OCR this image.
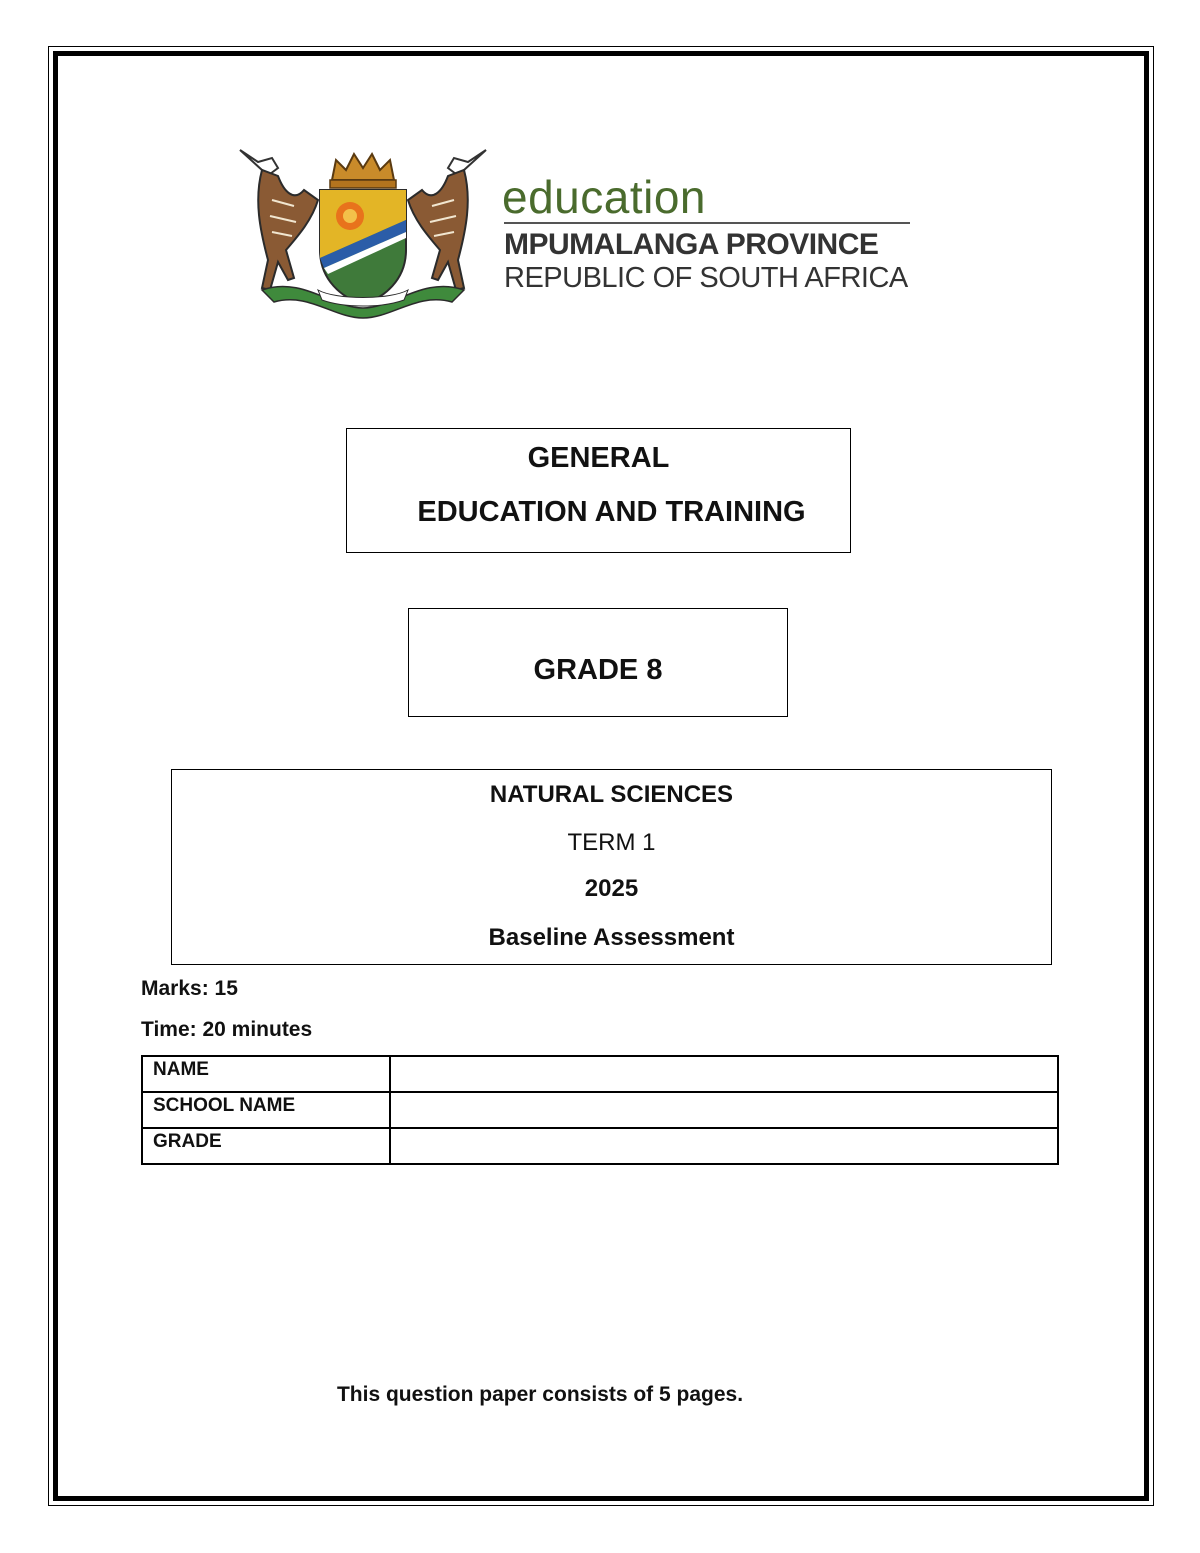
education
MPUMALANGA PROVINCE
REPUBLIC OF SOUTH AFRICA
GENERAL
EDUCATION AND TRAINING
GRADE 8
NATURAL SCIENCES
TERM 1
2025
Baseline Assessment
Marks: 15
Time: 20 minutes
NAME	
SCHOOL NAME	
GRADE	
This question paper consists of 5 pages.
